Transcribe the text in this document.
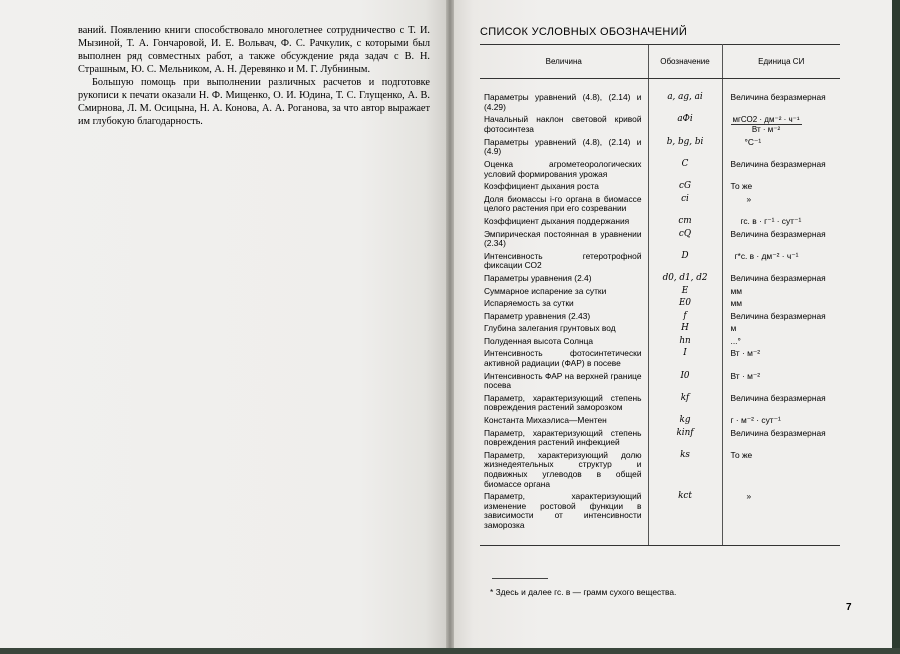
ваний. Появлению книги способствовало многолетнее сотрудничество с Т. И. Мызиной, Т. А. Гончаровой, И. Е. Вольвач, Ф. С. Рачкулик, с которыми был выполнен ряд совместных работ, а также обсуждение ряда задач с В. Н. Страшным, Ю. С. Мельником, А. Н. Деревянко и М. Г. Лубниным.

Большую помощь при выполнении различных расчетов и подготовке рукописи к печати оказали Н. Ф. Мищенко, О. И. Юдина, Т. С. Глущенко, А. В. Смирнова, Л. М. Осицына, Н. А. Конова, А. А. Роганова, за что автор выражает им глубокую благодарность.

СПИСОК УСЛОВНЫХ ОБОЗНАЧЕНИЙ
Величина	Обозначение	Единица СИ
Параметры уравнений (4.8), (2.14) и (4.29)	a, ag, ai	Величина безразмерная
Начальный наклон световой кривой фотосинтеза	aФi	$\frac{\text{мгСО2 · дм⁻² · ч⁻¹}}{\text{Вт · м⁻²}}$

Параметры уравнений (4.8), (2.14) и (4.9)	b, bg, bi	°С⁻¹
Оценка агрометеорологических условий формирования урожая	C	Величина безразмерная
Коэффициент дыхания роста	cG	То же
Доля биомассы i-го органа в биомассе целого растения при его созревании	ci	»
Коэффициент дыхания поддержания	cm	гс. в · г⁻¹ · сут⁻¹
Эмпирическая постоянная в уравнении (2.34)	cQ	Величина безразмерная
Интенсивность гетеротрофной фиксации СО2	D	г*с. в · дм⁻² · ч⁻¹
Параметры уравнения (2.4)	d0, d1, d2	Величина безразмерная
Суммарное испарение за сутки	E	мм
Испаряемость за сутки	E0	мм
Параметр уравнения (2.43)	f	Величина безразмерная
Глубина залегания грунтовых вод	H	м
Полуденная высота Солнца	hn	...°
Интенсивность фотосинтетически активной радиации (ФАР) в посеве	I	Вт · м⁻²
Интенсивность ФАР на верхней границе посева	I0	Вт · м⁻²
Параметр, характеризующий степень повреждения растений заморозком	kf	Величина безразмерная
Константа Михаэлиса—Ментен	kg	г · м⁻² · сут⁻¹
Параметр, характеризующий степень повреждения растений инфекцией	kinf	Величина безразмерная
Параметр, характеризующий долю жизнедеятельных структур и подвижных углеводов в общей биомассе органа	ks	То же
Параметр, характеризующий изменение ростовой функции в зависимости от интенсивности заморозка	kct	»
* Здесь и далее гс. в — грамм сухого вещества.
7
